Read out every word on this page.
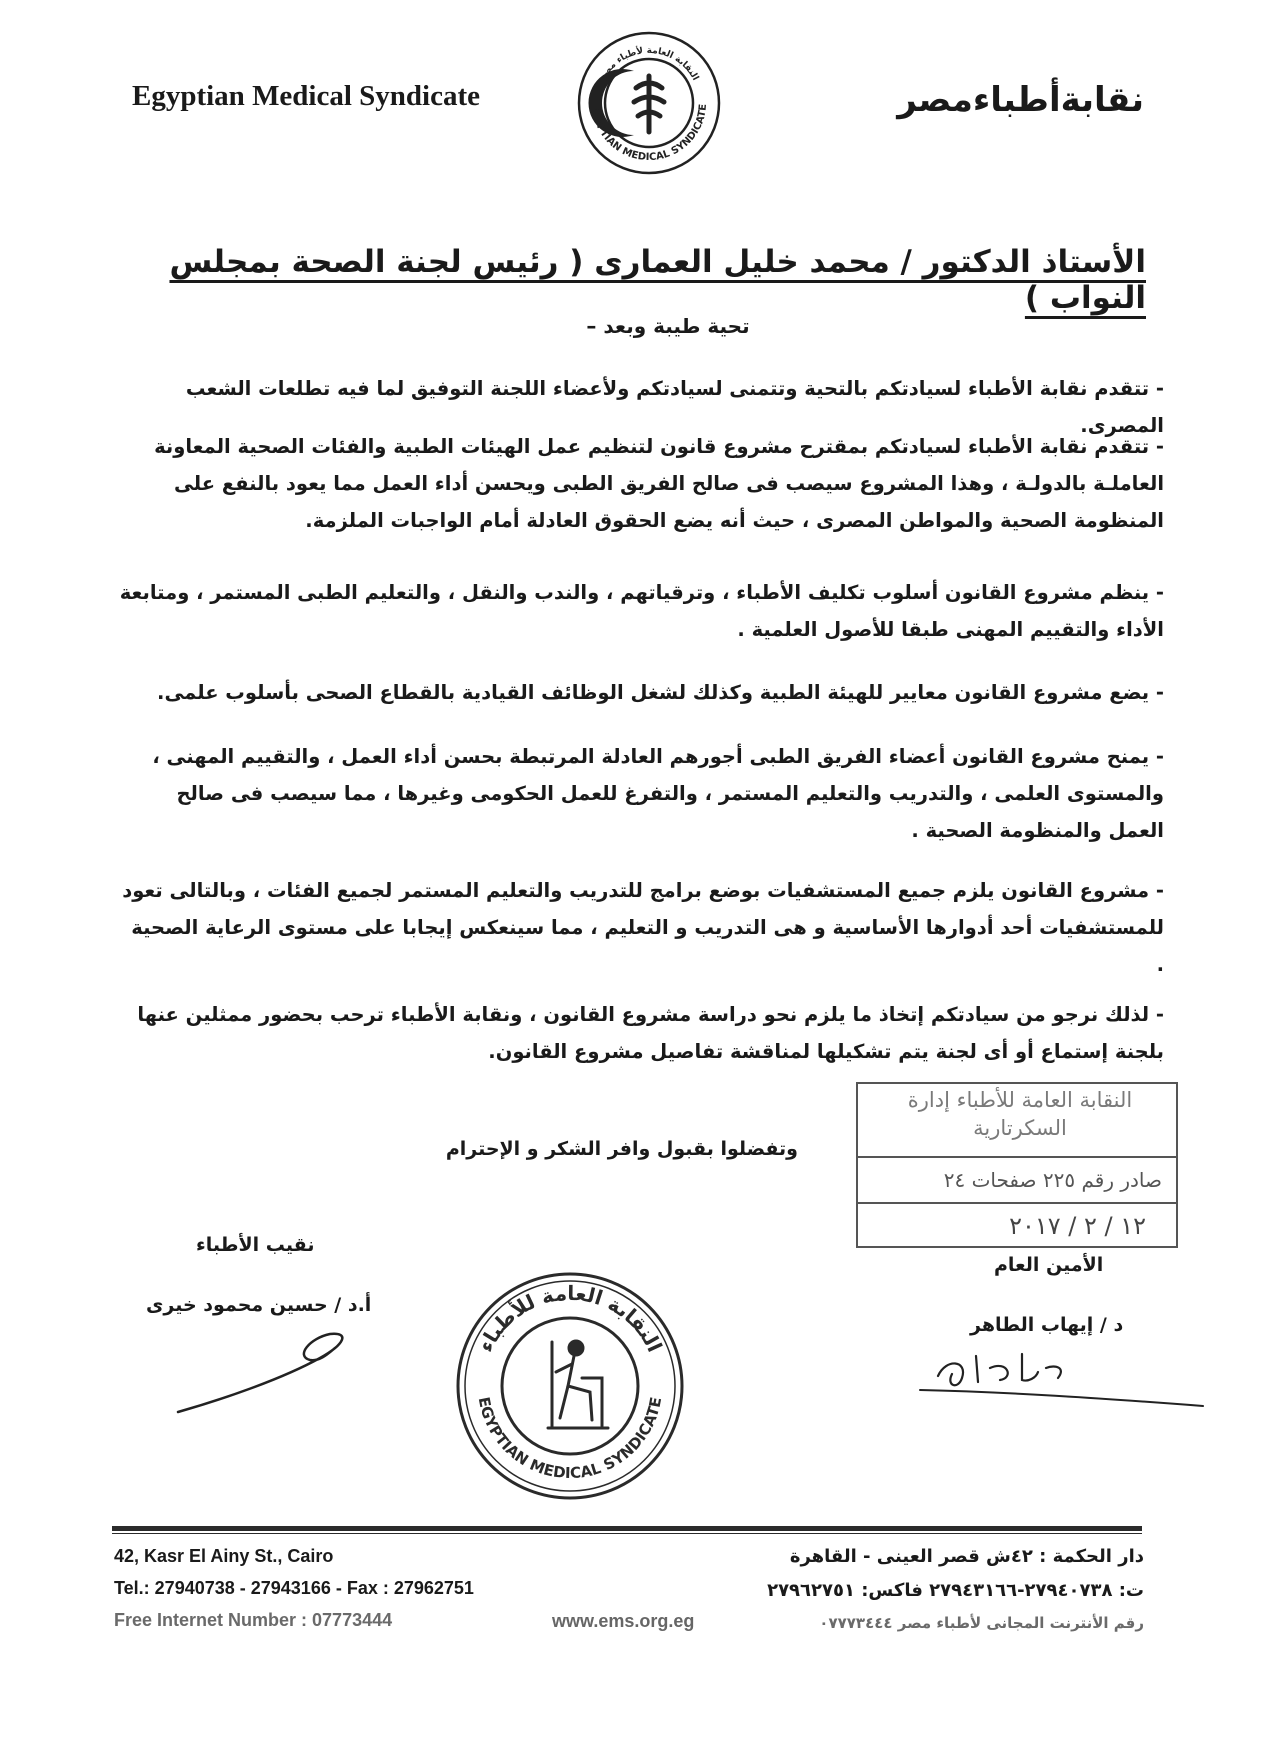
Egyptian Medical Syndicate
النقابة العامة لأطباء مصر
EGYPTIAN MEDICAL SYNDICATE	نقابةأطباءمصر
الأستاذ الدكتور / محمد خليل العمارى ( رئيس لجنة الصحة بمجلس النواب )
تحية طيبة وبعد –
- تتقدم نقابة الأطباء لسيادتكم بالتحية وتتمنى لسيادتكم ولأعضاء اللجنة التوفيق لما فيه تطلعات الشعب المصرى.
- تتقدم نقابة الأطباء لسيادتكم بمقترح مشروع قانون لتنظيم عمل الهيئات الطبية والفئات الصحية المعاونة العاملـة بالدولـة ، وهذا المشروع سيصب فى صالح الفريق الطبى ويحسن أداء العمل مما يعود بالنفع على المنظومة الصحية والمواطن المصرى ، حيث أنه يضع الحقوق العادلة أمام الواجبات الملزمة.
- ينظم مشروع القانون أسلوب تكليف الأطباء ، وترقياتهم ، والندب والنقل ، والتعليم الطبى المستمر ، ومتابعة الأداء والتقييم المهنى طبقا للأصول العلمية .
- يضع مشروع القانون معايير للهيئة الطبية وكذلك لشغل الوظائف القيادية بالقطاع الصحى بأسلوب علمى.
- يمنح مشروع القانون أعضاء الفريق الطبى أجورهم العادلة المرتبطة بحسن أداء العمل ، والتقييم المهنى ، والمستوى العلمى ، والتدريب والتعليم المستمر ، والتفرغ للعمل الحكومى وغيرها ، مما سيصب فى صالح العمل والمنظومة الصحية .
- مشروع القانون يلزم جميع المستشفيات بوضع برامج للتدريب والتعليم المستمر لجميع الفئات ، وبالتالى تعود للمستشفيات أحد أدوارها الأساسية و هى التدريب و التعليم ، مما سينعكس إيجابا على مستوى الرعاية الصحية .
- لذلك نرجو من سيادتكم إتخاذ ما يلزم نحو دراسة مشروع القانون ، ونقابة الأطباء ترحب بحضور ممثلين عنها بلجنة إستماع أو أى لجنة يتم تشكيلها لمناقشة تفاصيل مشروع القانون.
وتفضلوا بقبول وافر الشكر و الإحترام
النقابة العامة للأطباء إدارة السكرتارية
صادر رقم ٢٢٥ صفحات ٢٤
١٢ / ٢ / ٢٠١٧
نقيب الأطباء
أ.د / حسين محمود خيرى
الأمين العام
د / إيهاب الطاهر
النقابة العامة للأطباء
EGYPTIAN MEDICAL SYNDICATE
42, Kasr El Ainy St., Cairo
Tel.: 27940738 - 27943166 - Fax : 27962751
Free Internet Number : 07773444	www.ems.org.eg
دار الحكمة : ٤٢ش قصر العينى - القاهرة
ت: ٢٧٩٤٠٧٣٨-٢٧٩٤٣١٦٦ فاكس: ٢٧٩٦٢٧٥١
رقم الأنترنت المجانى لأطباء مصر ٠٧٧٧٣٤٤٤
